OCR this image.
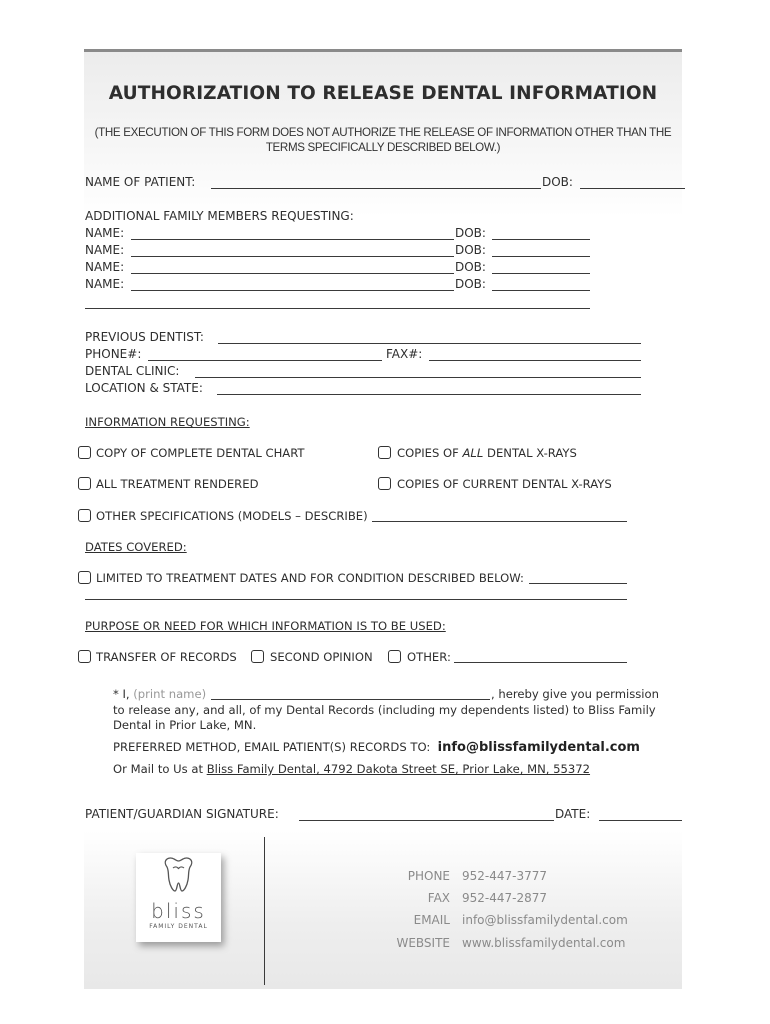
AUTHORIZATION TO RELEASE DENTAL INFORMATION
(THE EXECUTION OF THIS FORM DOES NOT AUTHORIZE THE RELEASE OF INFORMATION OTHER THAN THE
TERMS SPECIFICALLY DESCRIBED BELOW.)
NAME OF PATIENT:	DOB:
ADDITIONAL FAMILY MEMBERS REQUESTING:
NAME:	DOB:
NAME:	DOB:
NAME:	DOB:
NAME:	DOB:
PREVIOUS DENTIST:
PHONE#:	FAX#:
DENTAL CLINIC:
LOCATION & STATE:
INFORMATION REQUESTING:
COPY OF COMPLETE DENTAL CHART	COPIES OF ALL DENTAL X-RAYS
ALL TREATMENT RENDERED	COPIES OF CURRENT DENTAL X-RAYS
OTHER SPECIFICATIONS (MODELS – DESCRIBE)
DATES COVERED:
LIMITED TO TREATMENT DATES AND FOR CONDITION DESCRIBED BELOW:
PURPOSE OR NEED FOR WHICH INFORMATION IS TO BE USED:
TRANSFER OF RECORDS	SECOND OPINION	OTHER:
* I, (print name)	, hereby give you permission
to release any, and all, of my Dental Records (including my dependents listed) to Bliss Family
Dental in Prior Lake, MN.
PREFERRED METHOD, EMAIL PATIENT(S) RECORDS TO: info@blissfamilydental.com
Or Mail to Us at Bliss Family Dental, 4792 Dakota Street SE, Prior Lake, MN, 55372
PATIENT/GUARDIAN SIGNATURE:	DATE:
bliss
FAMILY DENTAL
PHONE 952-447-3777
FAX 952-447-2877
EMAIL info@blissfamilydental.com
WEBSITE www.blissfamilydental.com
